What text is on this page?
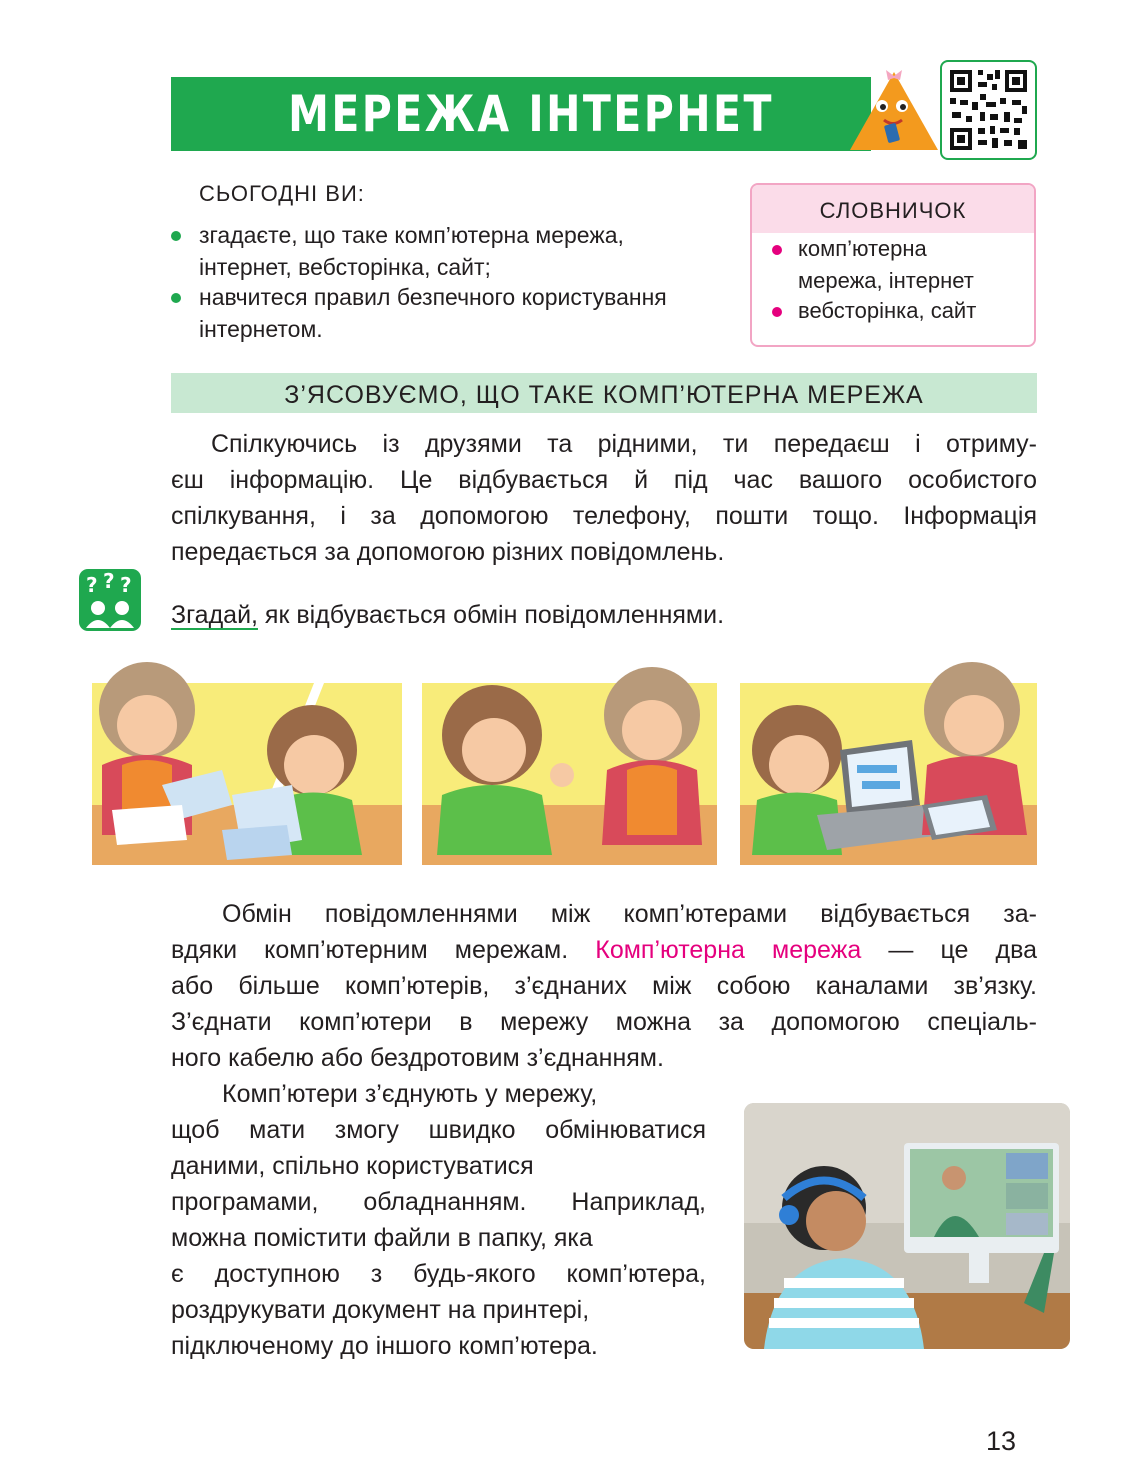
МЕРЕЖА ІНТЕРНЕТ
СЬОГОДНІ ВИ:
згадаєте, що таке комп’ютерна мережа,
інтернет, вебсторінка, сайт;
навчитеся правил безпечного користування
інтернетом.
СЛОВНИЧОК
комп’ютерна
мережа, інтернет
вебсторінка, сайт
З’ЯСОВУЄМО, ЩО ТАКЕ КОМП’ЮТЕРНА МЕРЕЖА
Спілкуючись із друзями та рідними, ти передаєш і отриму-
єш інформацію. Це відбувається й під час вашого особистого
спілкування, і за допомогою телефону, пошти тощо. Інформація
передається за допомогою різних повідомлень.
? ? ?
Згадай, як відбувається обмін повідомленнями.
Обмін повідомленнями між комп’ютерами відбувається за-
вдяки комп’ютерним мережам. Комп’ютерна мережа — це два
або більше комп’ютерів, з’єднаних між собою каналами зв’язку.
З’єднати комп’ютери в мережу можна за допомогою спеціаль-
ного кабелю або бездротовим з’єднанням.
Комп’ютери з’єднують у мережу,
щоб мати змогу швидко обмінюватися
даними, спільно користуватися
програмами, обладнанням. Наприклад,
можна помістити файли в папку, яка
є доступною з будь-якого комп’ютера,
роздрукувати документ на принтері,
підключеному до іншого комп’ютера.
13
